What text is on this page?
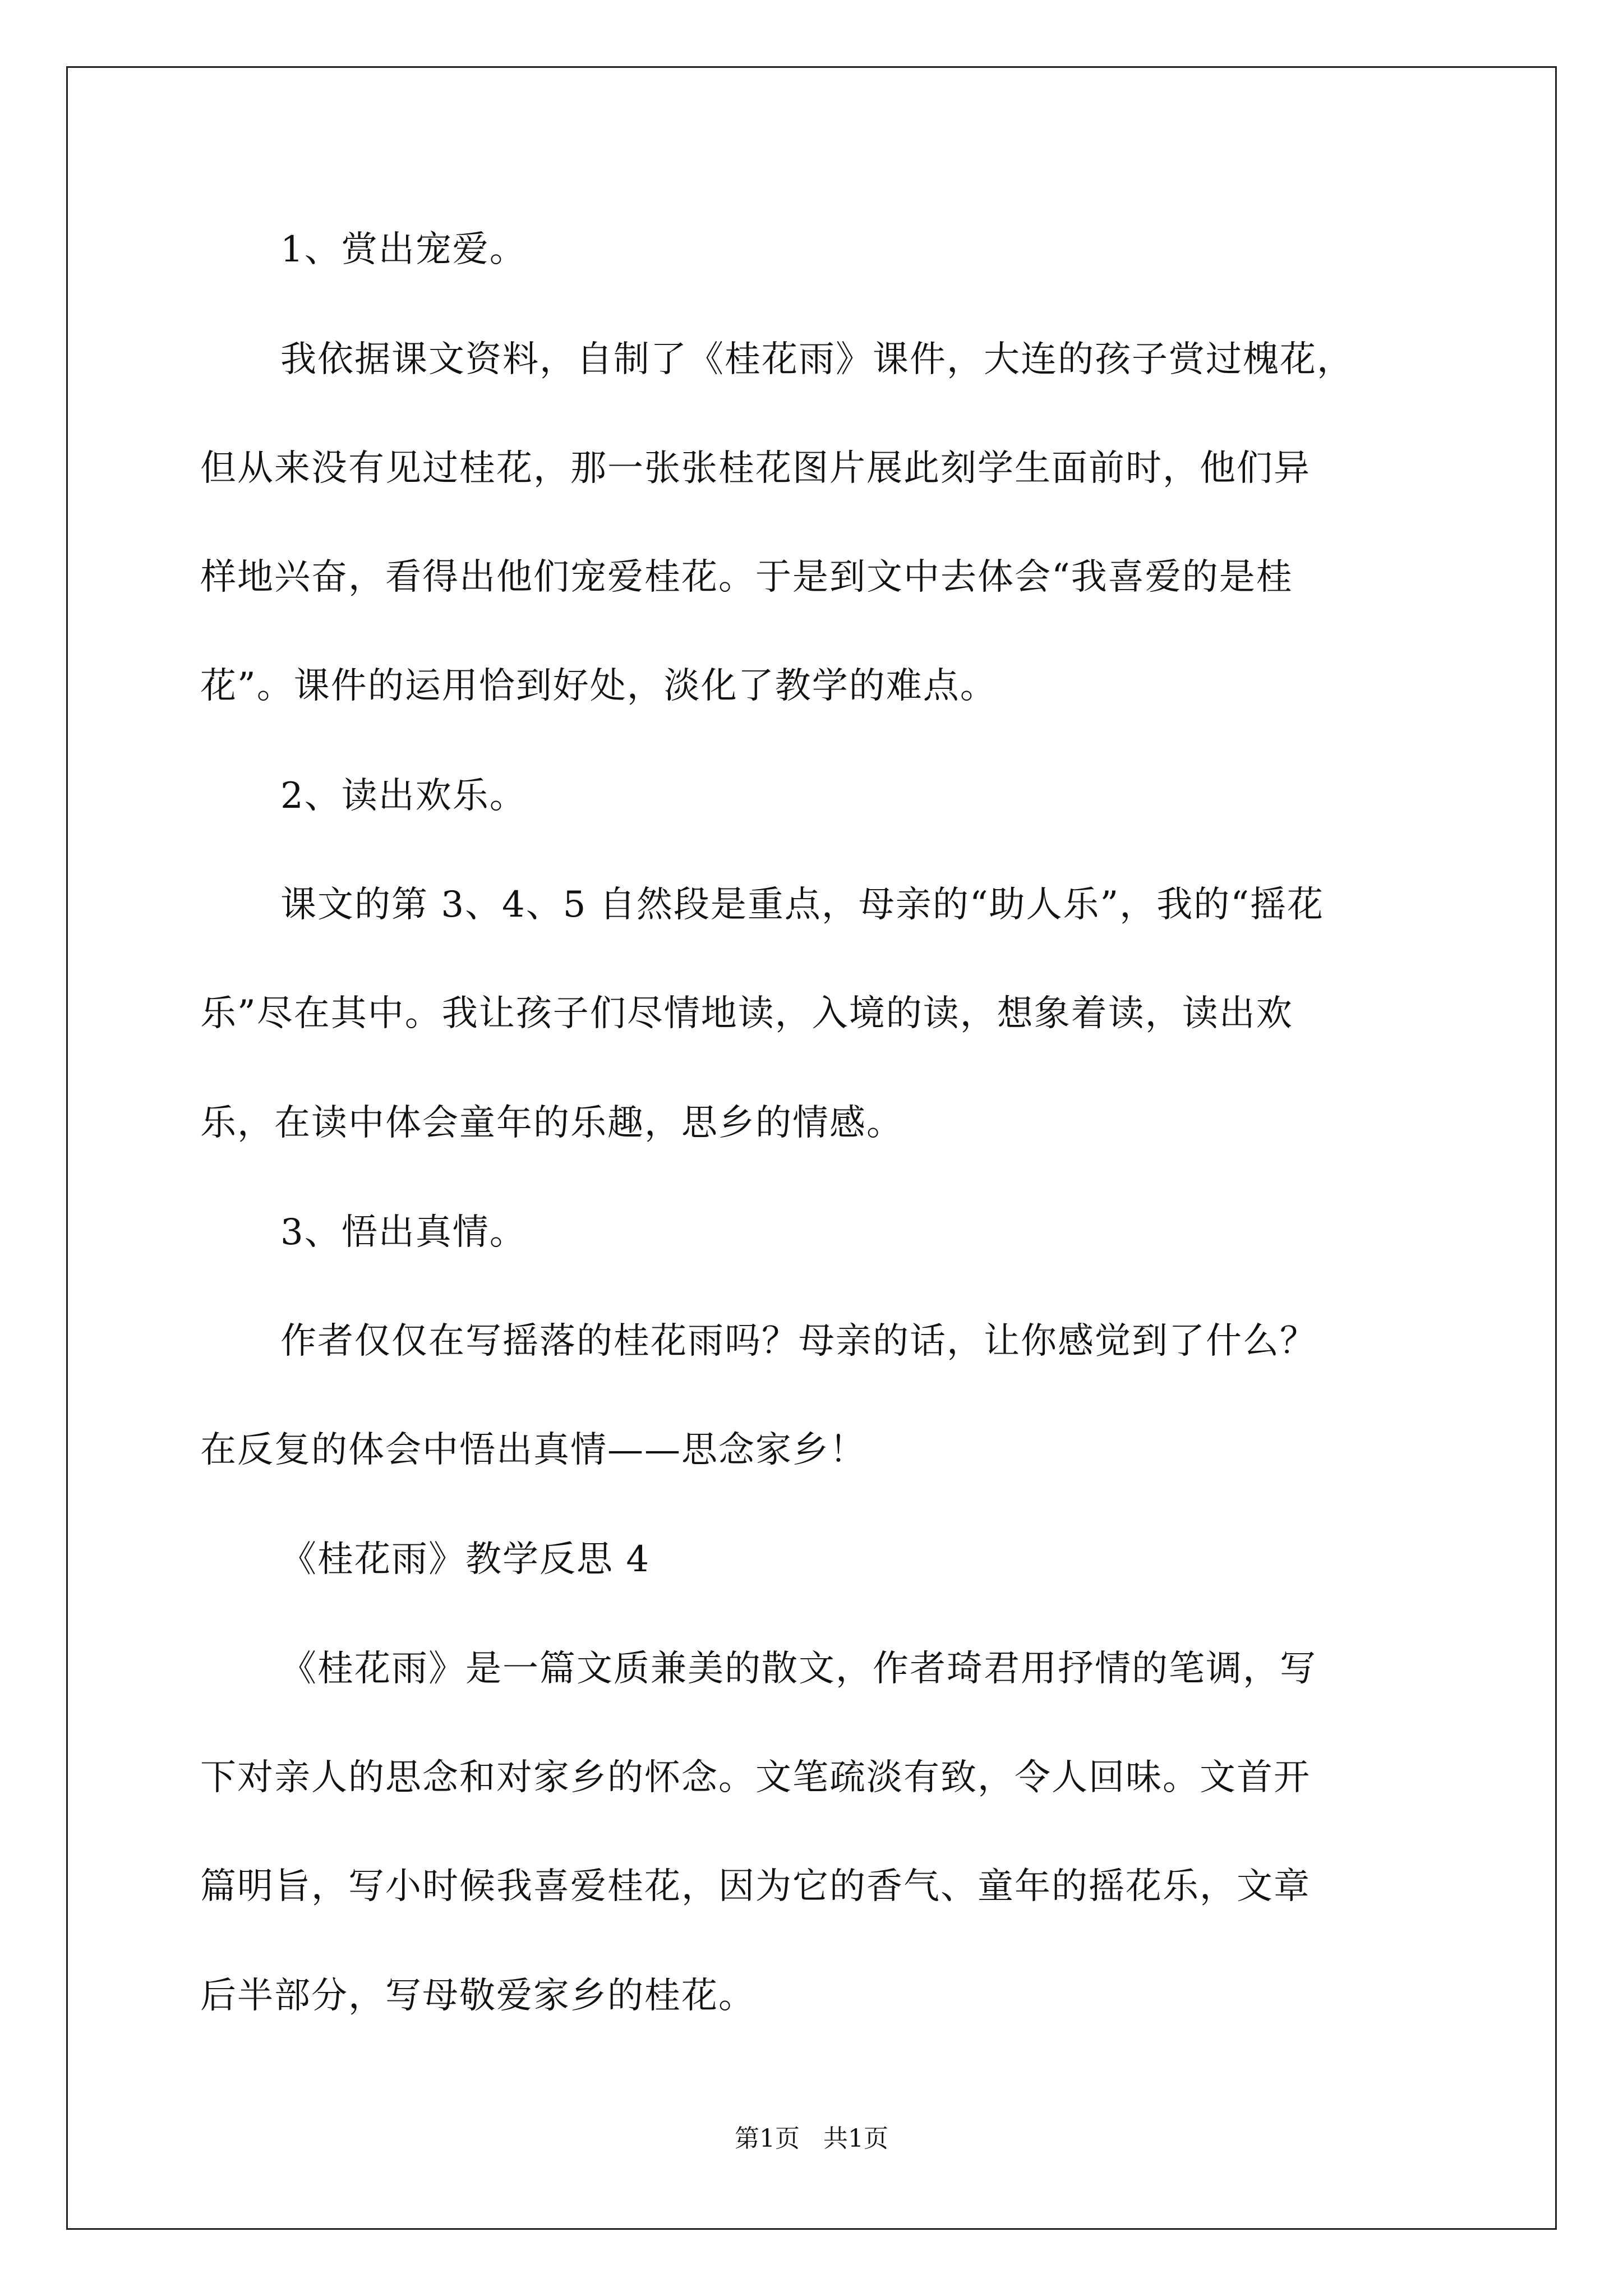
1、赏出宠爱。
我依据课文资料，自制了《桂花雨》课件，大连的孩子赏过槐花，
但从来没有见过桂花，那一张张桂花图片展此刻学生面前时，他们异
样地兴奋，看得出他们宠爱桂花。于是到文中去体会“我喜爱的是桂
花”。课件的运用恰到好处，淡化了教学的难点。
2、读出欢乐。
课文的第 3、4、5 自然段是重点，母亲的“助人乐”，我的“摇花
乐”尽在其中。我让孩子们尽情地读，入境的读，想象着读，读出欢
乐，在读中体会童年的乐趣，思乡的情感。
3、悟出真情。
作者仅仅在写摇落的桂花雨吗？母亲的话，让你感觉到了什么？
在反复的体会中悟出真情——思念家乡！
《桂花雨》教学反思 4
《桂花雨》是一篇文质兼美的散文，作者琦君用抒情的笔调，写
下对亲人的思念和对家乡的怀念。文笔疏淡有致，令人回味。文首开
篇明旨，写小时候我喜爱桂花，因为它的香气、童年的摇花乐，文章
后半部分，写母敬爱家乡的桂花。
第1页   共1页
